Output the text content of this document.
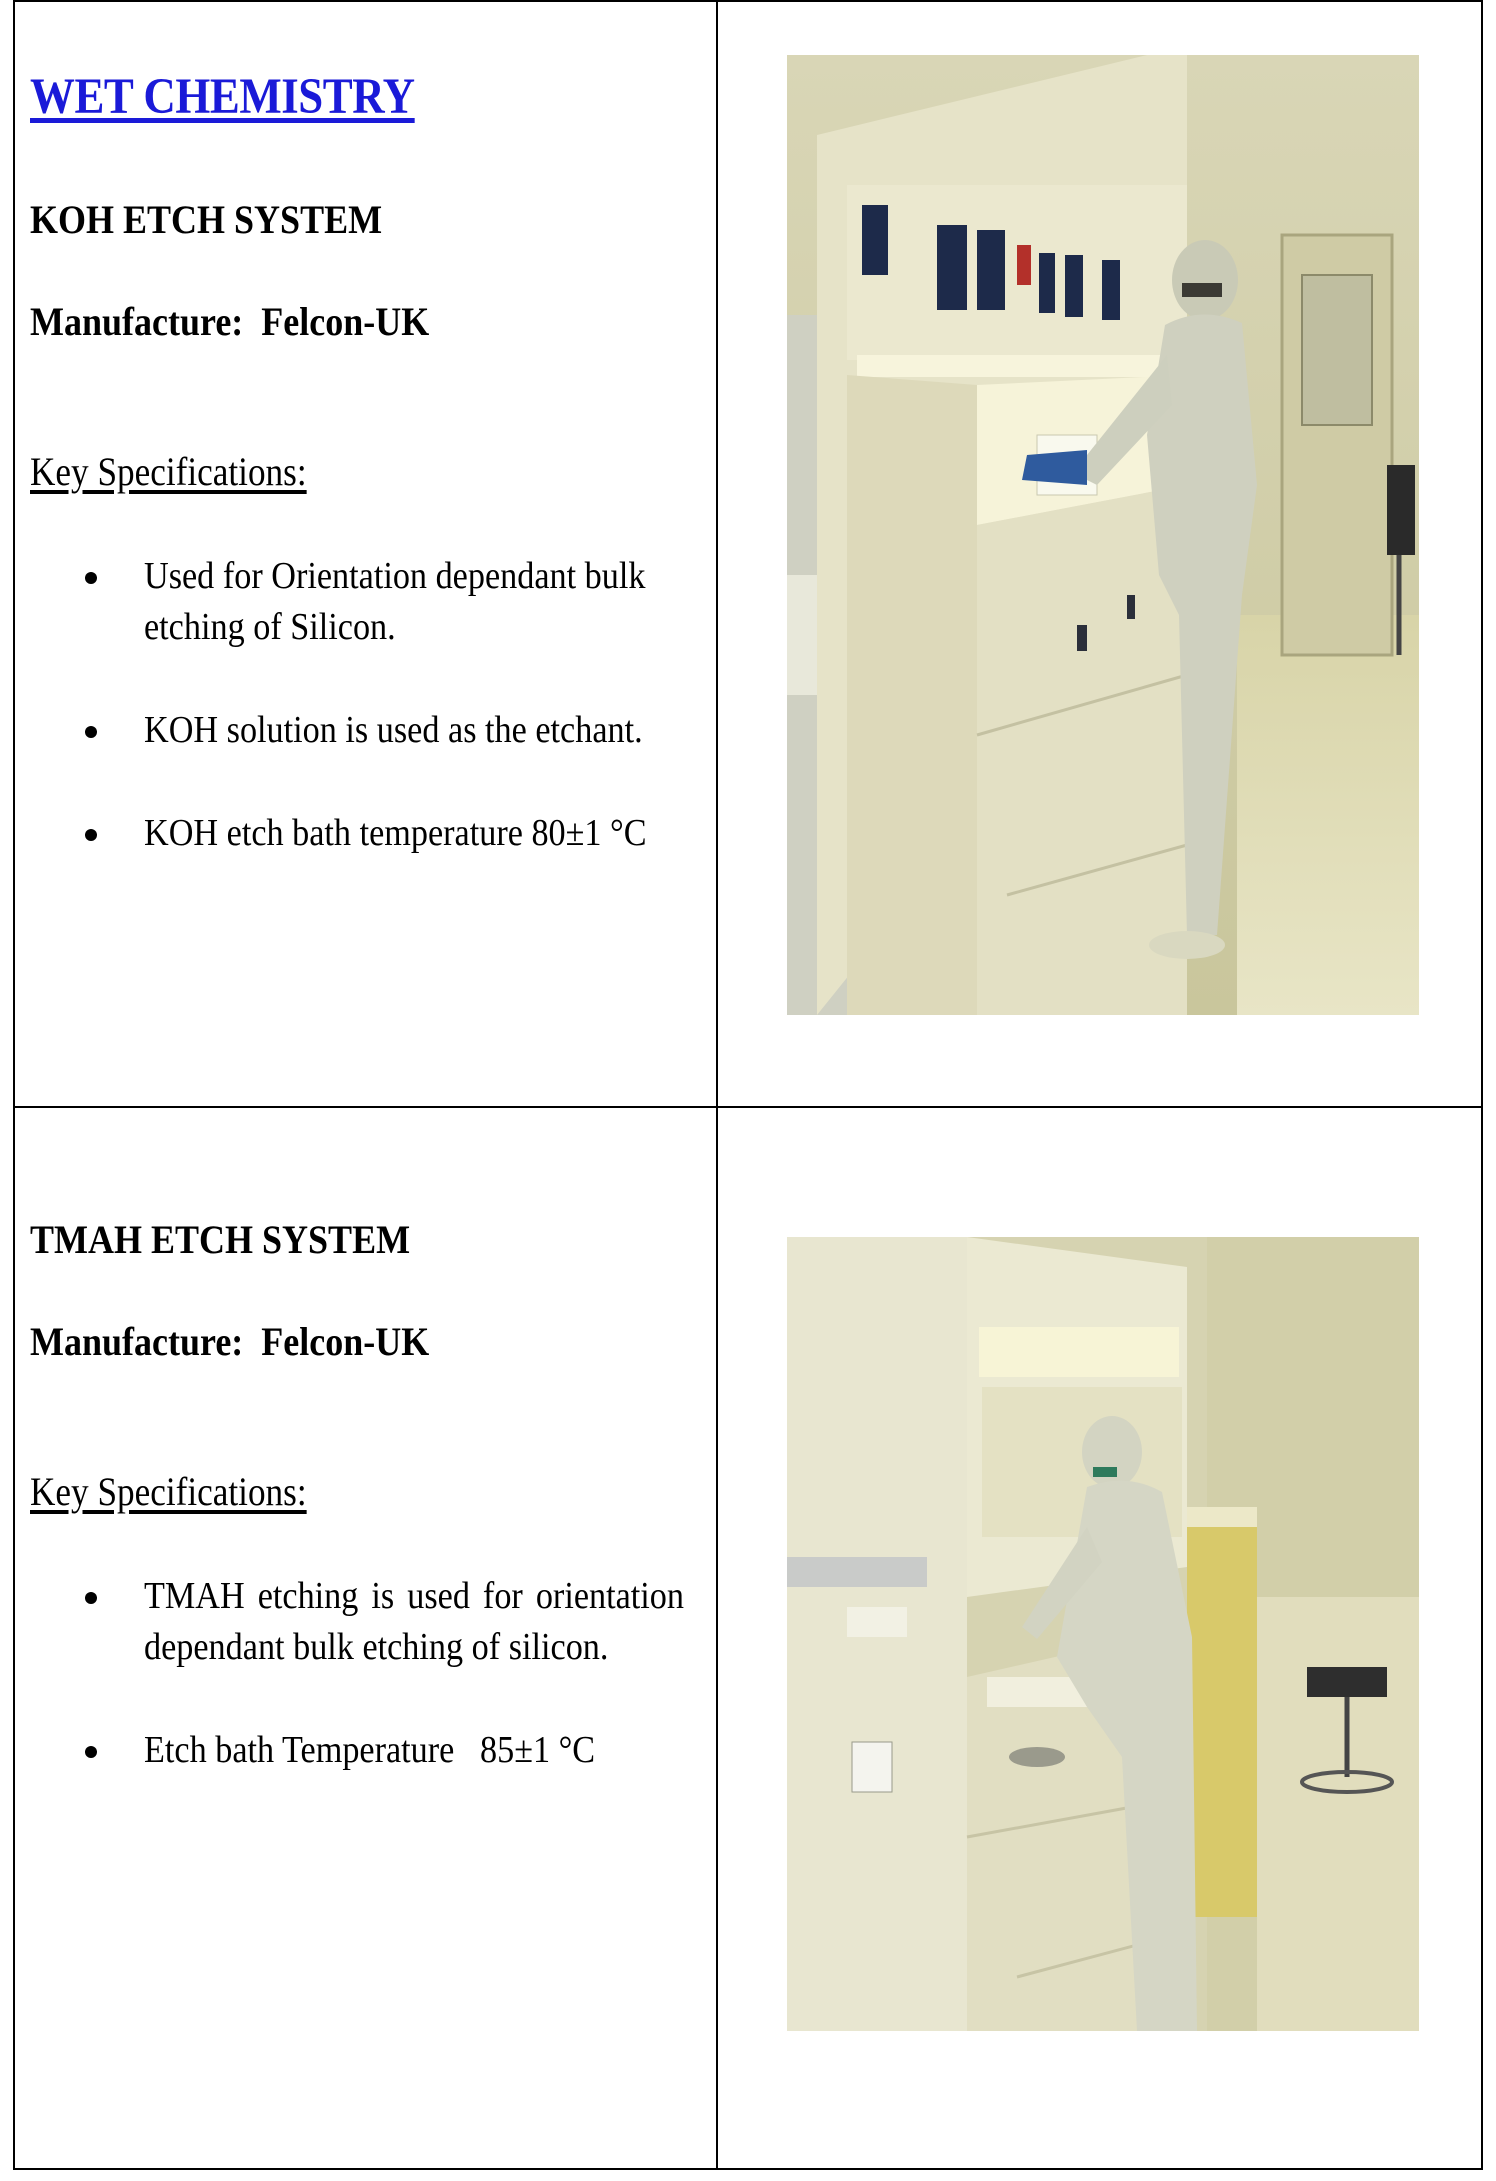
WET CHEMISTRY
KOH ETCH SYSTEM
Manufacture: Felcon-UK
Key Specifications:
Used for Orientation dependant bulk etching of Silicon.
KOH solution is used as the etchant.
KOH etch bath temperature 80±1 °C
TMAH ETCH SYSTEM
Manufacture: Felcon-UK
Key Specifications:
TMAH etching is used for orientation dependant bulk etching of silicon.
Etch bath Temperature   85±1 °C
